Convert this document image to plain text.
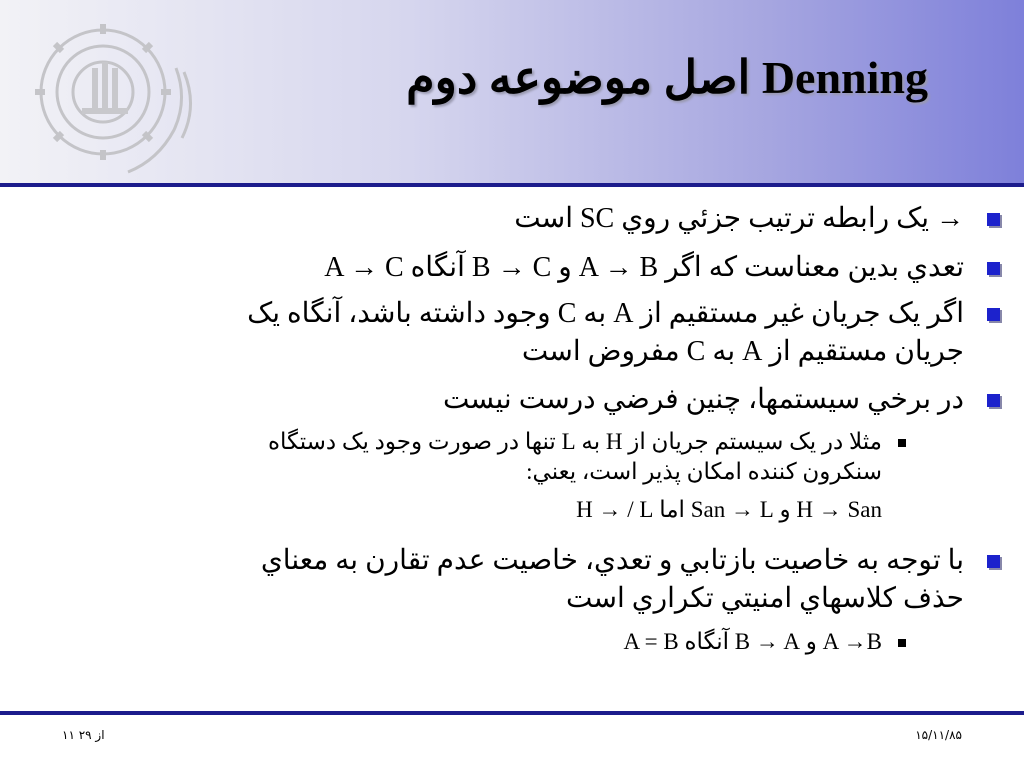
اصل موضوعه دوم Denning
→ یک رابطه ترتیب جزئي روي SC است
تعدي بدين معناست که اگر A → B و B → C آنگاه A → C
اگر یک جریان غیر مستقیم از A به C وجود داشته باشد، آنگاه یک
جریان مستقیم از A به C مفروض است
در برخي سیستمها، چنین فرضي درست نیست
مثلا در یک سیستم جریان از H به L تنها در صورت وجود یک دستگاه
سنکرون کننده امکان پذیر است، یعني:
H → San و San → L اما H → / L
با توجه به خاصیت بازتابي و تعدي، خاصیت عدم تقارن به معناي
حذف کلاسهاي امنیتي تکراري است
A →B و B → A آنگاه A = B
۱۱ از ۲۹	۱۵/۱۱/۸۵
